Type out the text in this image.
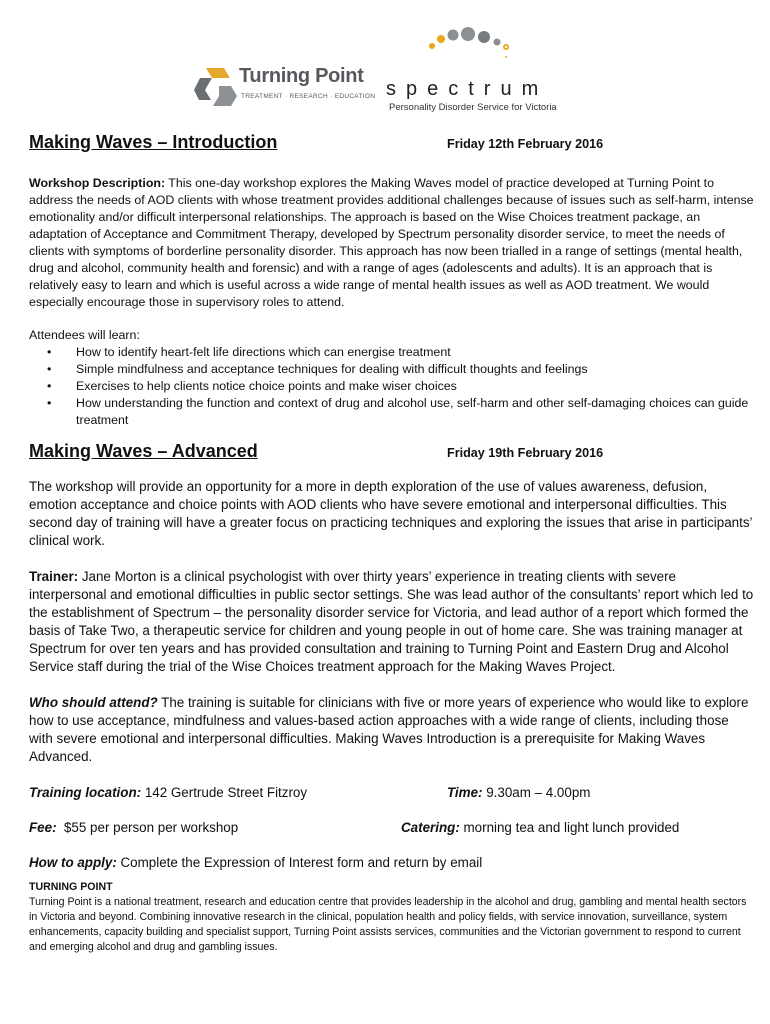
Turning Point
TREATMENT · RESEARCH · EDUCATION spectrum
Personality Disorder Service for Victoria
Making Waves – Introduction	Friday 12th February 2016

Workshop Description: This one-day workshop explores the Making Waves model of practice developed at Turning Point to address the needs of AOD clients with whose treatment provides additional challenges because of issues such as self-harm, intense emotionality and/or difficult interpersonal relationships. The approach is based on the Wise Choices treatment package, an adaptation of Acceptance and Commitment Therapy, developed by Spectrum personality disorder service, to meet the needs of clients with symptoms of borderline personality disorder. This approach has now been trialled in a range of settings (mental health, drug and alcohol, community health and forensic) and with a range of ages (adolescents and adults). It is an approach that is relatively easy to learn and which is useful across a wide range of mental health issues as well as AOD treatment. We would especially encourage those in supervisory roles to attend.

Attendees will learn:
• How to identify heart-felt life directions which can energise treatment
• Simple mindfulness and acceptance techniques for dealing with difficult thoughts and feelings
• Exercises to help clients notice choice points and make wiser choices
• How understanding the function and context of drug and alcohol use, self-harm and other self-damaging choices can guide treatment
Making Waves – Advanced	Friday 19th February 2016

The workshop will provide an opportunity for a more in depth exploration of the use of values awareness, defusion, emotion acceptance and choice points with AOD clients who have severe emotional and interpersonal difficulties. This second day of training will have a greater focus on practicing techniques and exploring the issues that arise in participants’ clinical work.

Trainer: Jane Morton is a clinical psychologist with over thirty years’ experience in treating clients with severe interpersonal and emotional difficulties in public sector settings. She was lead author of the consultants’ report which led to the establishment of Spectrum – the personality disorder service for Victoria, and lead author of a report which formed the basis of Take Two, a therapeutic service for children and young people in out of home care. She was training manager at Spectrum for over ten years and has provided consultation and training to Turning Point and Eastern Drug and Alcohol Service staff during the trial of the Wise Choices treatment approach for the Making Waves Project.

Who should attend? The training is suitable for clinicians with five or more years of experience who would like to explore how to use acceptance, mindfulness and values-based action approaches with a wide range of clients, including those with severe emotional and interpersonal difficulties. Making Waves Introduction is a prerequisite for Making Waves Advanced.

Training location: 142 Gertrude Street Fitzroy	Time: 9.30am – 4.00pm
Fee:  $55 per person per workshop	Catering: morning tea and light lunch provided
How to apply: Complete the Expression of Interest form and return by email
TURNING POINT

Turning Point is a national treatment, research and education centre that provides leadership in the alcohol and drug, gambling and mental health sectors in Victoria and beyond. Combining innovative research in the clinical, population health and policy fields, with service innovation, surveillance, system enhancements, capacity building and specialist support, Turning Point assists services, communities and the Victorian government to respond to current and emerging alcohol and drug and gambling issues.
